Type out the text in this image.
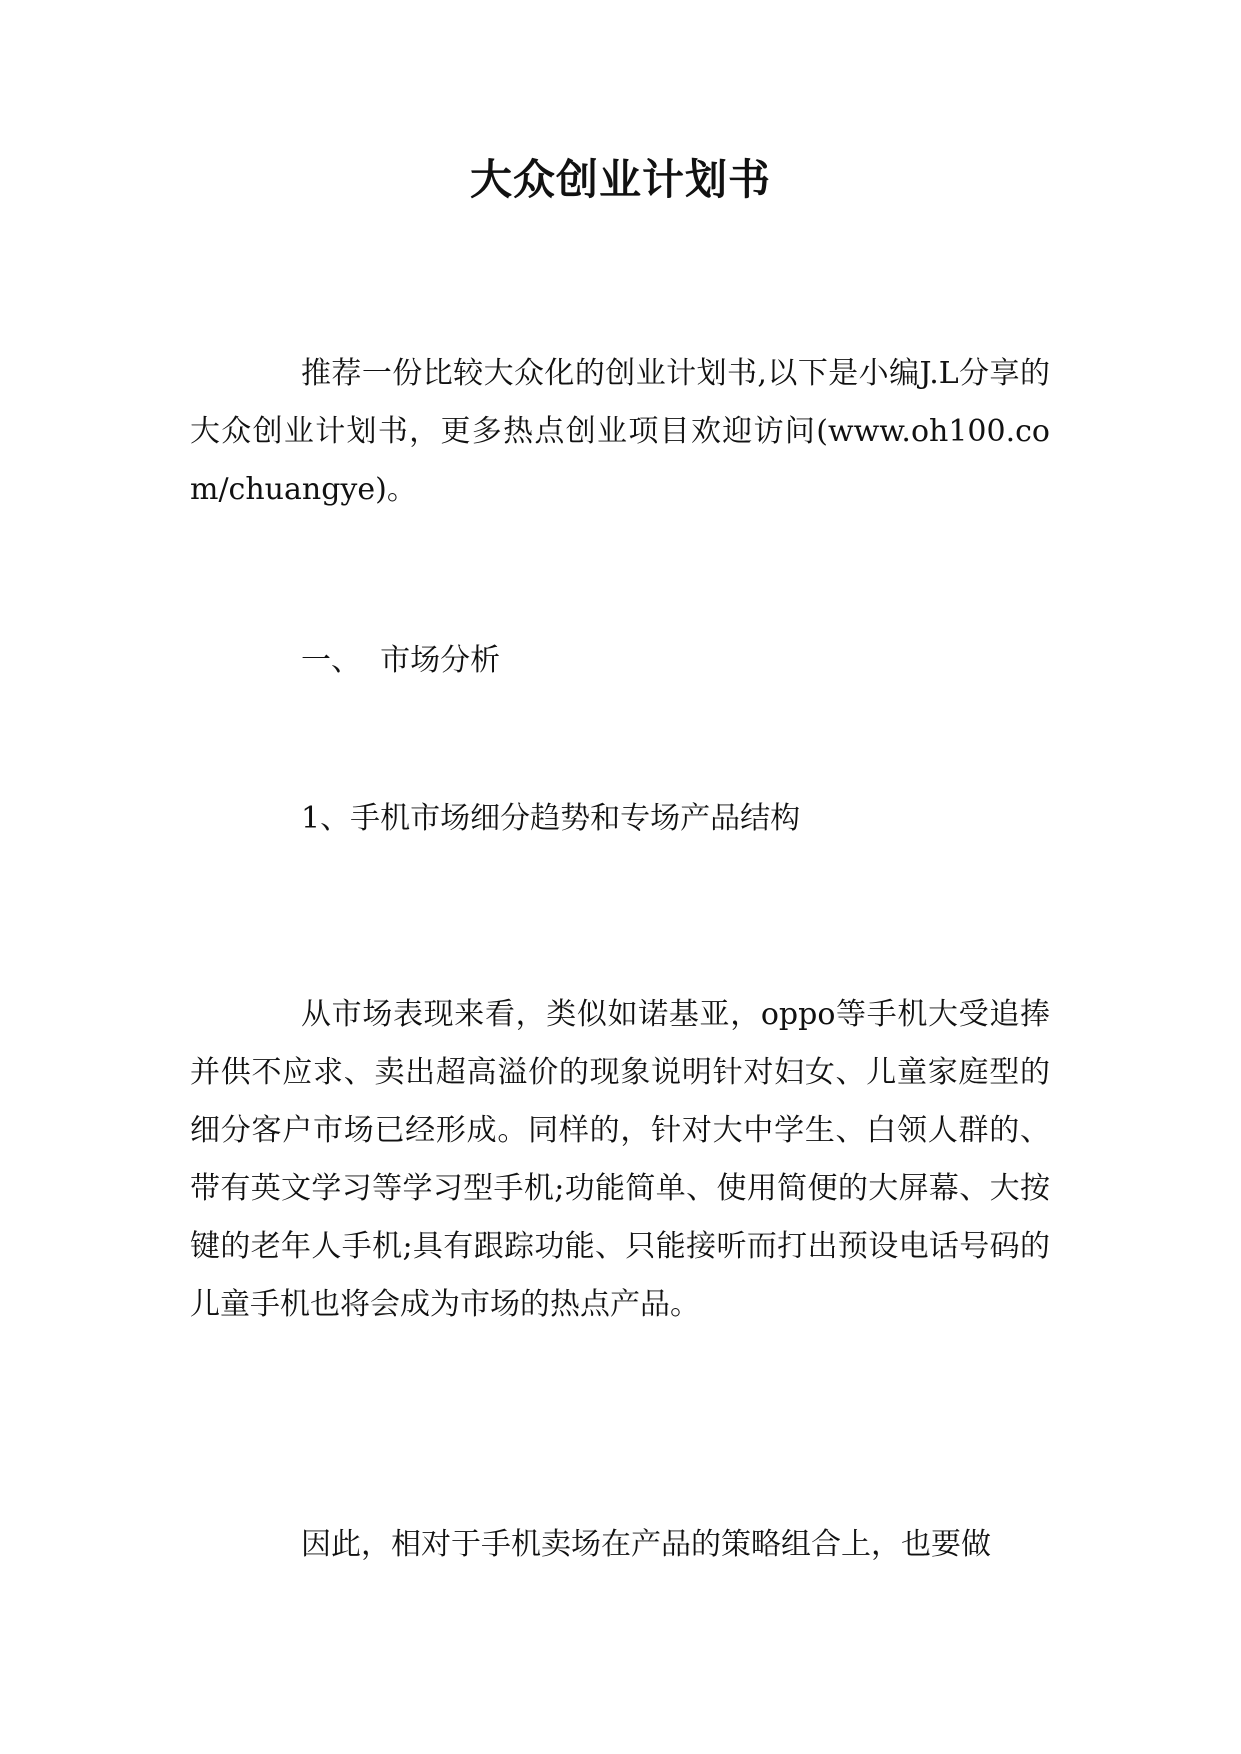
大众创业计划书
推荐一份比较大众化的创业计划书,以下是小编J.L分享的大众创业计划书，更多热点创业项目欢迎访问(www.oh100.com/chuangye)。
一、  市场分析
1、手机市场细分趋势和专场产品结构
从市场表现来看，类似如诺基亚，oppo等手机大受追捧并供不应求、卖出超高溢价的现象说明针对妇女、儿童家庭型的细分客户市场已经形成。同样的，针对大中学生、白领人群的、带有英文学习等学习型手机;功能简单、使用简便的大屏幕、大按键的老年人手机;具有跟踪功能、只能接听而打出预设电话号码的儿童手机也将会成为市场的热点产品。
因此，相对于手机卖场在产品的策略组合上，也要做
